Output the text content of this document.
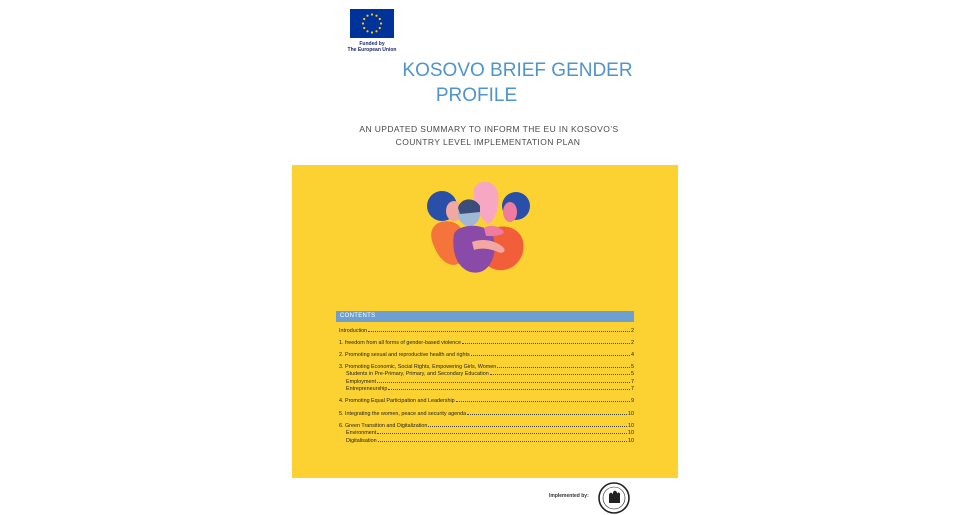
Funded by
The European Union
KOSOVO BRIEF GENDER
PROFILE
AN UPDATED SUMMARY TO INFORM THE EU IN KOSOVO’S
COUNTRY LEVEL IMPLEMENTATION PLAN
CONTENTS
Introduction	2
1. freedom from all forms of gender-based violence	2
2. Promoting sexual and reproductive health and rights	4
3. Promoting Economic, Social Rights, Empowering Girls, Women	5
Students in Pre-Primary, Primary, and Secondary Education	5
Employment	7
Entrepreneurship	7
4. Promoting Equal Participation and Leadership	9
5. Integrating the women, peace and security agenda	10
6. Green Transition and Digitalization	10
Environment	10
Digitalisation	10
Implemented by:
